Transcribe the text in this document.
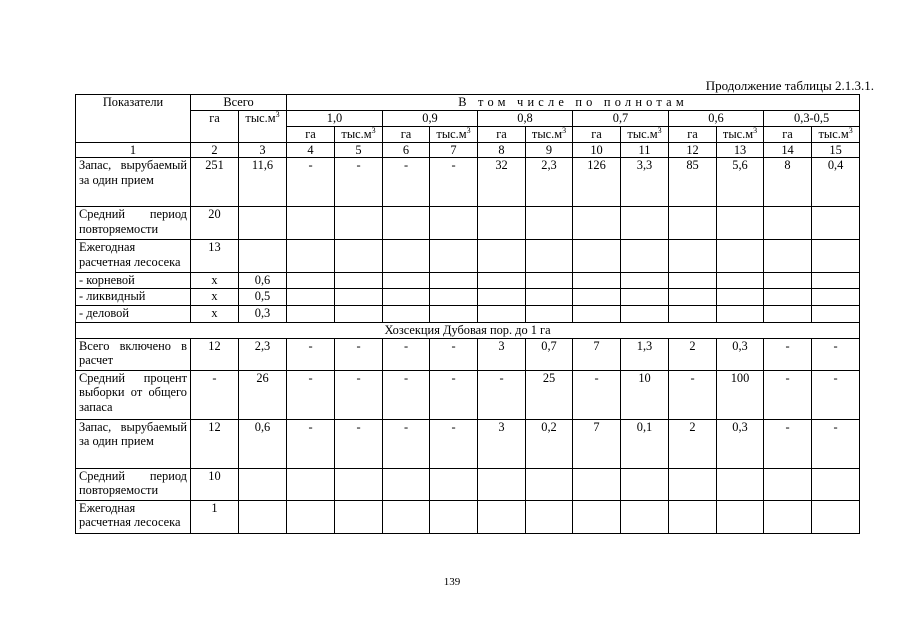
Продолжение таблицы 2.1.3.1.
Показатели	Всего		В том числе по полнотам											
	га	$тыс.м^3$	1,0		0,9		0,8		0,7		0,6		0,3-0,5	
			га	$тыс.м^3$	га	$тыс.м^3$	га	$тыс.м^3$	га	$тыс.м^3$	га	$тыс.м^3$	га	$тыс.м^3$
1	2	3	4	5	6	7	8	9	10	11	12	13	14	15
Запас, вырубаемый за один прием	251	11,6	-	-	-	-	32	2,3	126	3,3	85	5,6	8	0,4
Средний период повторяемости	20													
Ежегодная расчетная лесосека	13													
- корневой	х	0,6												
- ликвидный	х	0,5												
- деловой	х	0,3												
Хозсекция Дубовая пор. до 1 га														
Всего включено в расчет	12	2,3	-	-	-	-	3	0,7	7	1,3	2	0,3	-	-
Средний процент выборки от общего запаса	-	26	-	-	-	-	-	25	-	10	-	100	-	-
Запас, вырубаемый за один прием	12	0,6	-	-	-	-	3	0,2	7	0,1	2	0,3	-	-
Средний период повторяемости	10													
Ежегодная расчетная лесосека	1													
139
